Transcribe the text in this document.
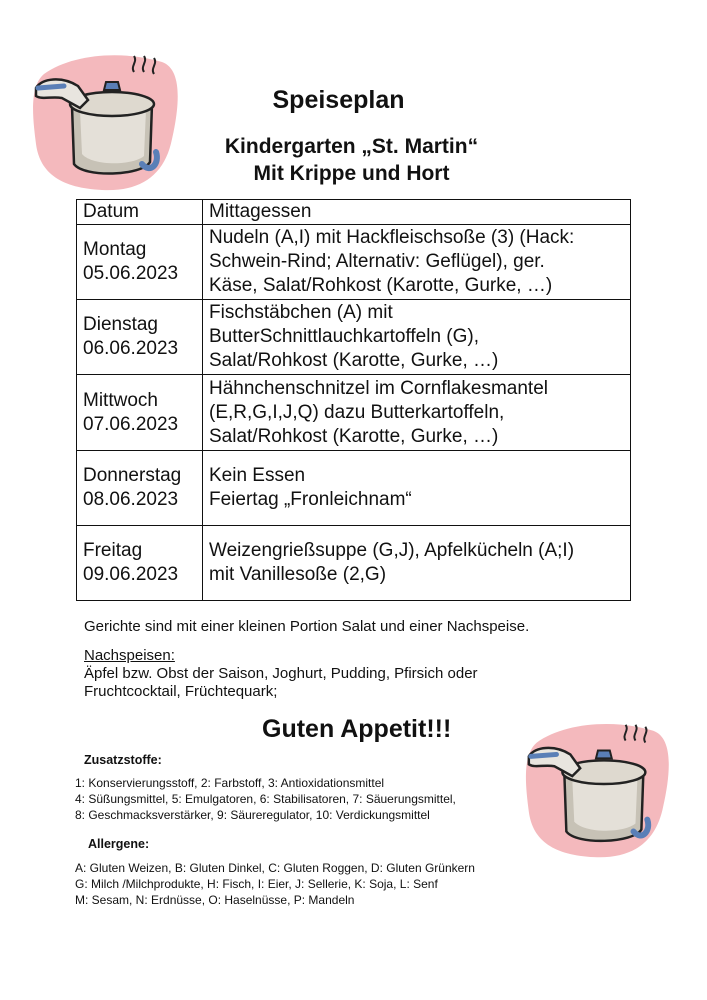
Speiseplan
Kindergarten „St. Martin“
Mit Krippe und Hort
Datum	Mittagessen
Montag
05.06.2023	Nudeln (A,I) mit Hackfleischsoße (3) (Hack:
Schwein-Rind; Alternativ: Geflügel), ger.
Käse, Salat/Rohkost (Karotte, Gurke, …)
Dienstag
06.06.2023	Fischstäbchen (A) mit
ButterSchnittlauchkartoffeln (G),
Salat/Rohkost (Karotte, Gurke, …)
Mittwoch
07.06.2023	Hähnchenschnitzel im Cornflakesmantel
(E,R,G,I,J,Q) dazu Butterkartoffeln,
Salat/Rohkost (Karotte, Gurke, …)
Donnerstag
08.06.2023	Kein Essen
Feiertag „Fronleichnam“
Freitag
09.06.2023	Weizengrießsuppe (G,J), Apfelkücheln (A;I)
mit Vanillesoße (2,G)

Gerichte sind mit einer kleinen Portion Salat und einer Nachspeise.

Nachspeisen:

Äpfel bzw. Obst der Saison, Joghurt, Pudding, Pfirsich oder Fruchtcocktail, Früchtequark;

Guten Appetit!!!

Zusatzstoffe:

1: Konservierungsstoff, 2: Farbstoff, 3: Antioxidationsmittel

4: Süßungsmittel, 5: Emulgatoren, 6: Stabilisatoren, 7: Säuerungsmittel,

8: Geschmacksverstärker, 9: Säureregulator, 10: Verdickungsmittel

Allergene:

A: Gluten Weizen, B: Gluten Dinkel, C: Gluten Roggen, D: Gluten Grünkern

G: Milch /Milchprodukte, H: Fisch, I: Eier, J: Sellerie, K: Soja, L: Senf

M: Sesam, N: Erdnüsse, O: Haselnüsse, P: Mandeln
